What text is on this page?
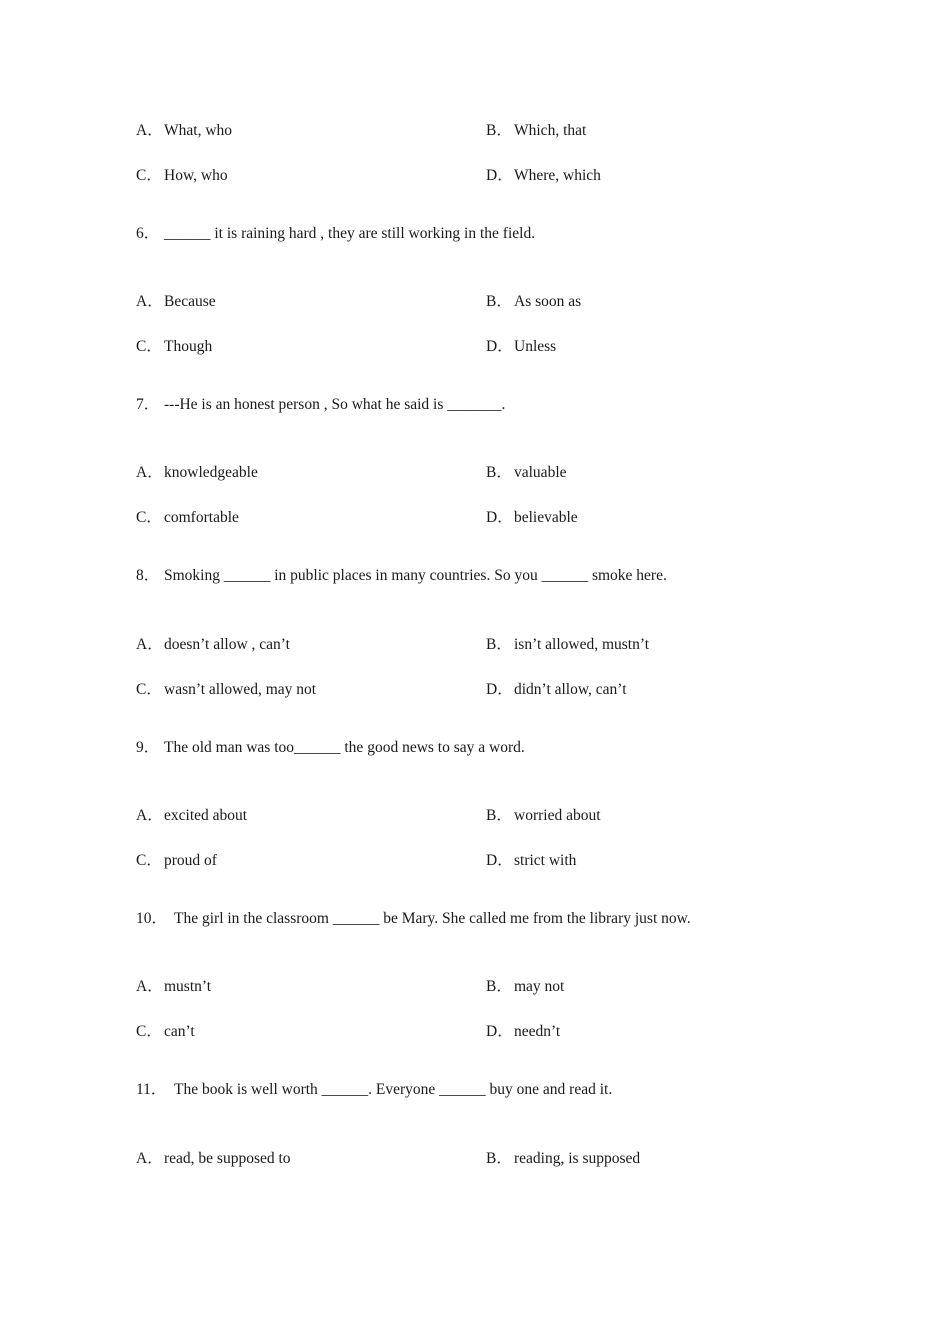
A．What, who	B． Which, that
C． How, who	D．Where, which
6． ______ it is raining hard , they are still working in the field.
A．Because	B． As soon as
C． Though	D．Unless
7． ---He is an honest person , So what he said is _______.
A．knowledgeable	B． valuable
C． comfortable	D．believable
8． Smoking ______ in public places in many countries. So you ______ smoke here.
A．doesn’t allow , can’t	B． isn’t allowed, mustn’t
C． wasn’t allowed, may not	D．didn’t allow, can’t
9． The old man was too______ the good news to say a word.
A．excited about	B． worried about
C． proud of	D．strict with
10． The girl in the classroom ______ be Mary. She called me from the library just now.
A．mustn’t	B． may not
C． can’t	D．needn’t
11． The book is well worth ______. Everyone ______ buy one and read it.
A．read, be supposed to	B． reading, is supposed
